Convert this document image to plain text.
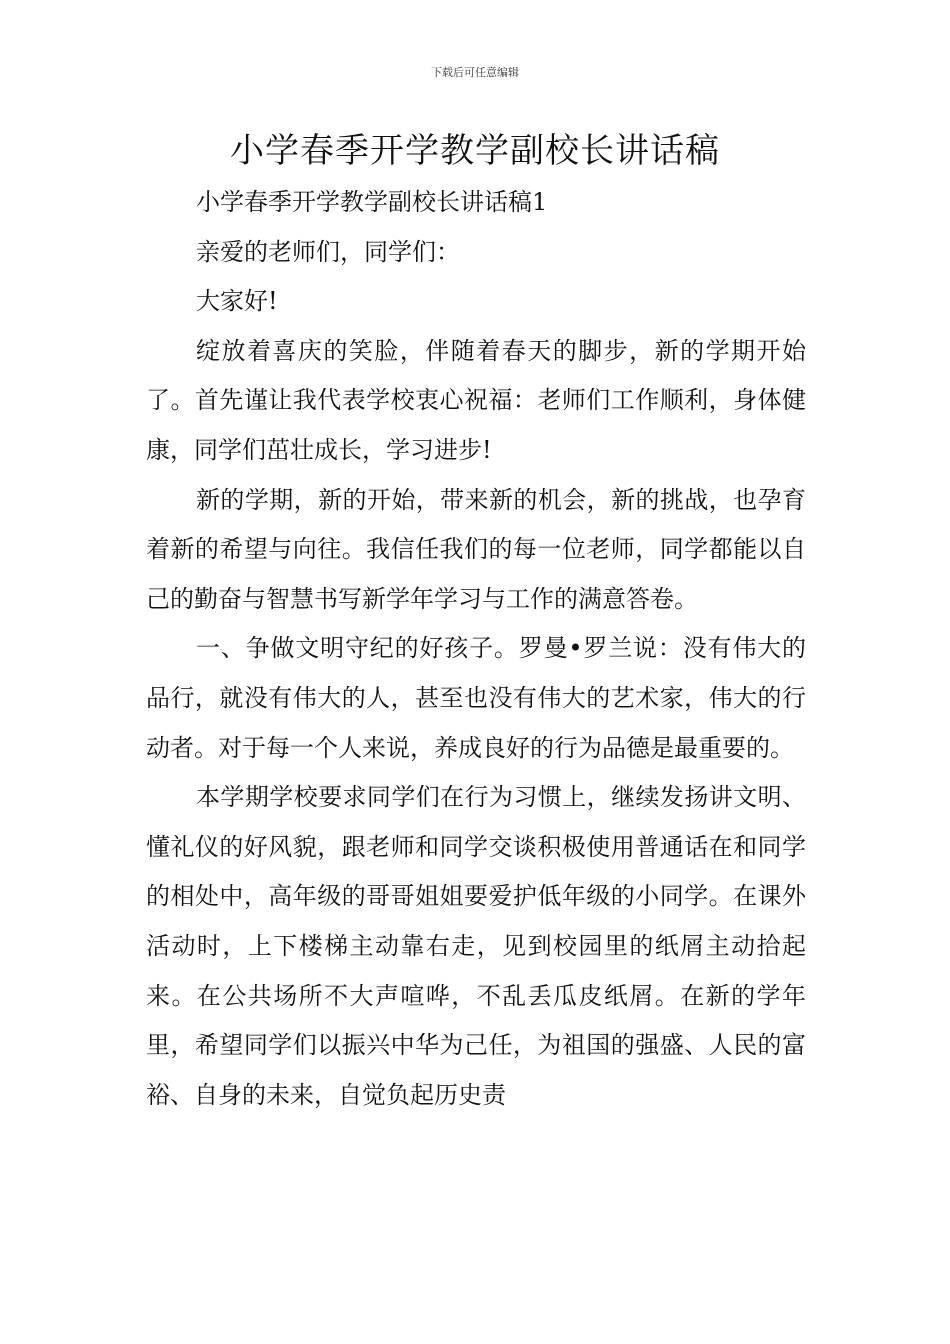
下载后可任意编辑
小学春季开学教学副校长讲话稿

小学春季开学教学副校长讲话稿1

亲爱的老师们，同学们：

大家好!

绽放着喜庆的笑脸，伴随着春天的脚步，新的学期开始了。首先谨让我代表学校衷心祝福：老师们工作顺利，身体健康，同学们茁壮成长，学习进步!

新的学期，新的开始，带来新的机会，新的挑战，也孕育着新的希望与向往。我信任我们的每一位老师，同学都能以自己的勤奋与智慧书写新学年学习与工作的满意答卷。

一、争做文明守纪的好孩子。罗曼•罗兰说：没有伟大的品行，就没有伟大的人，甚至也没有伟大的艺术家，伟大的行动者。对于每一个人来说，养成良好的行为品德是最重要的。

本学期学校要求同学们在行为习惯上，继续发扬讲文明、懂礼仪的好风貌，跟老师和同学交谈积极使用普通话在和同学的相处中，高年级的哥哥姐姐要爱护低年级的小同学。在课外活动时，上下楼梯主动靠右走，见到校园里的纸屑主动拾起来。在公共场所不大声喧哗，不乱丢瓜皮纸屑。在新的学年里，希望同学们以振兴中华为己任，为祖国的强盛、人民的富裕、自身的未来，自觉负起历史责
